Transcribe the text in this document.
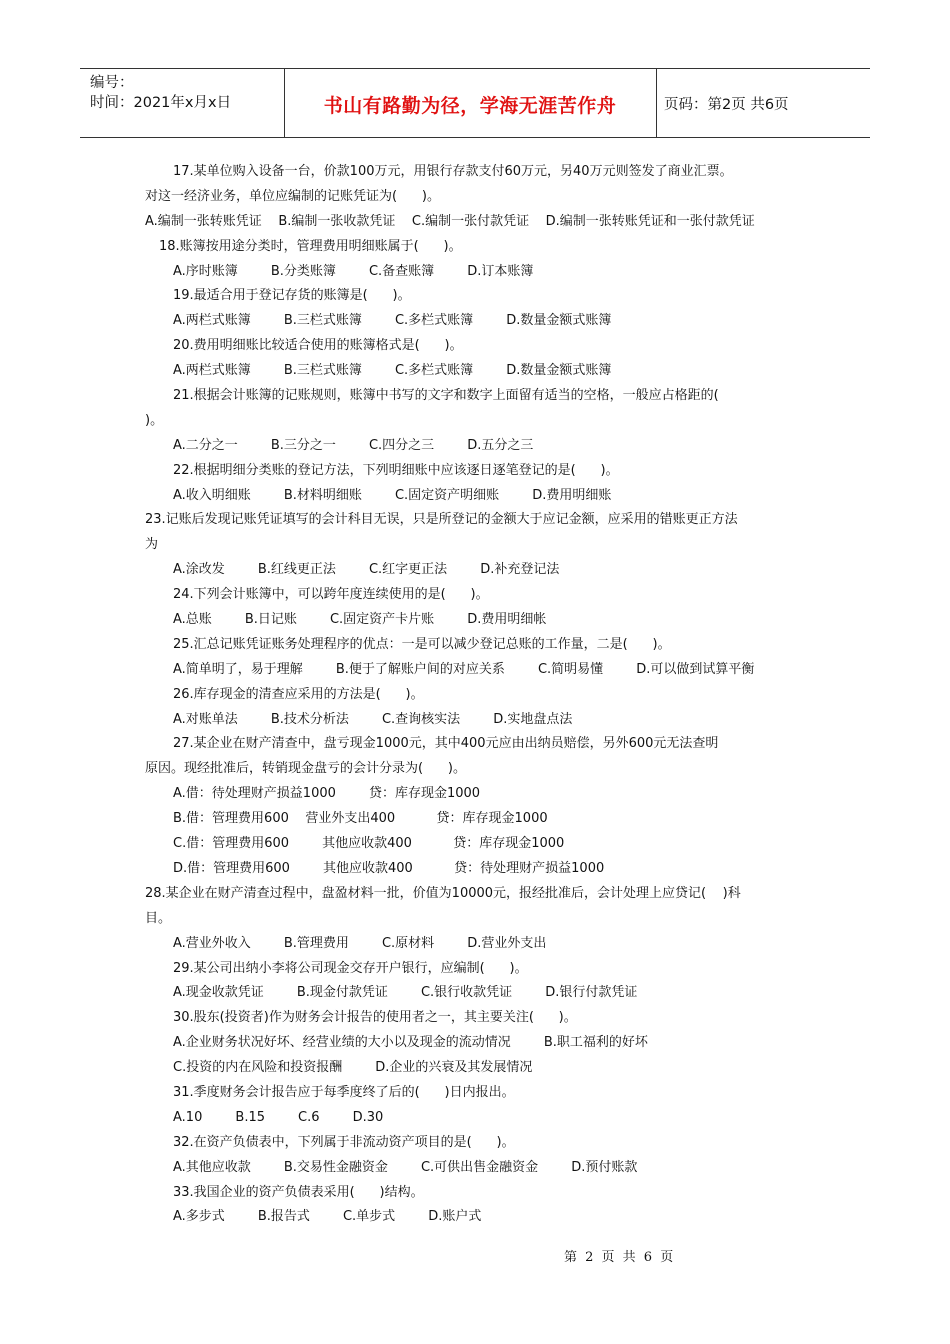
编号：
时间：2021年x月x日	书山有路勤为径，学海无涯苦作舟	页码：第2页 共6页
17.某单位购入设备一台，价款100万元，用银行存款支付60万元，另40万元则签发了商业汇票。
对这一经济业务，单位应编制的记账凭证为(      )。
A.编制一张转账凭证    B.编制一张收款凭证    C.编制一张付款凭证    D.编制一张转账凭证和一张付款凭证
18.账簿按用途分类时，管理费用明细账属于(      )。
A.序时账簿        B.分类账簿        C.备查账簿        D.订本账簿
19.最适合用于登记存货的账簿是(      )。
A.两栏式账簿        B.三栏式账簿        C.多栏式账簿        D.数量金额式账簿
20.费用明细账比较适合使用的账簿格式是(      )。
A.两栏式账簿        B.三栏式账簿        C.多栏式账簿        D.数量金额式账簿
21.根据会计账簿的记账规则，账簿中书写的文字和数字上面留有适当的空格，一般应占格距的(
)。
A.二分之一        B.三分之一        C.四分之三        D.五分之三
22.根据明细分类账的登记方法，下列明细账中应该逐日逐笔登记的是(      )。
A.收入明细账        B.材料明细账        C.固定资产明细账        D.费用明细账
23.记账后发现记账凭证填写的会计科目无误，只是所登记的金额大于应记金额，应采用的错账更正方法
为
A.涂改发        B.红线更正法        C.红字更正法        D.补充登记法
24.下列会计账簿中，可以跨年度连续使用的是(      )。
A.总账        B.日记账        C.固定资产卡片账        D.费用明细帐
25.汇总记账凭证账务处理程序的优点：一是可以减少登记总账的工作量，二是(      )。
A.简单明了，易于理解        B.便于了解账户间的对应关系        C.简明易懂        D.可以做到试算平衡
26.库存现金的清查应采用的方法是(      )。
A.对账单法        B.技术分析法        C.查询核实法        D.实地盘点法
27.某企业在财产清查中，盘亏现金1000元，其中400元应由出纳员赔偿，另外600元无法查明
原因。现经批准后，转销现金盘亏的会计分录为(      )。
A.借：待处理财产损益1000        贷：库存现金1000
B.借：管理费用600    营业外支出400          贷：库存现金1000
C.借：管理费用600        其他应收款400          贷：库存现金1000
D.借：管理费用600        其他应收款400          贷：待处理财产损益1000
28.某企业在财产清查过程中，盘盈材料一批，价值为10000元，报经批准后，会计处理上应贷记(    )科
目。
A.营业外收入        B.管理费用        C.原材料        D.营业外支出
29.某公司出纳小李将公司现金交存开户银行，应编制(      )。
A.现金收款凭证        B.现金付款凭证        C.银行收款凭证        D.银行付款凭证
30.股东(投资者)作为财务会计报告的使用者之一，其主要关注(      )。
A.企业财务状况好坏、经营业绩的大小以及现金的流动情况        B.职工福利的好坏
C.投资的内在风险和投资报酬        D.企业的兴衰及其发展情况
31.季度财务会计报告应于每季度终了后的(      )日内报出。
A.10        B.15        C.6        D.30
32.在资产负债表中，下列属于非流动资产项目的是(      )。
A.其他应收款        B.交易性金融资金        C.可供出售金融资金        D.预付账款
33.我国企业的资产负债表采用(      )结构。
A.多步式        B.报告式        C.单步式        D.账户式
第 2 页 共 6 页
